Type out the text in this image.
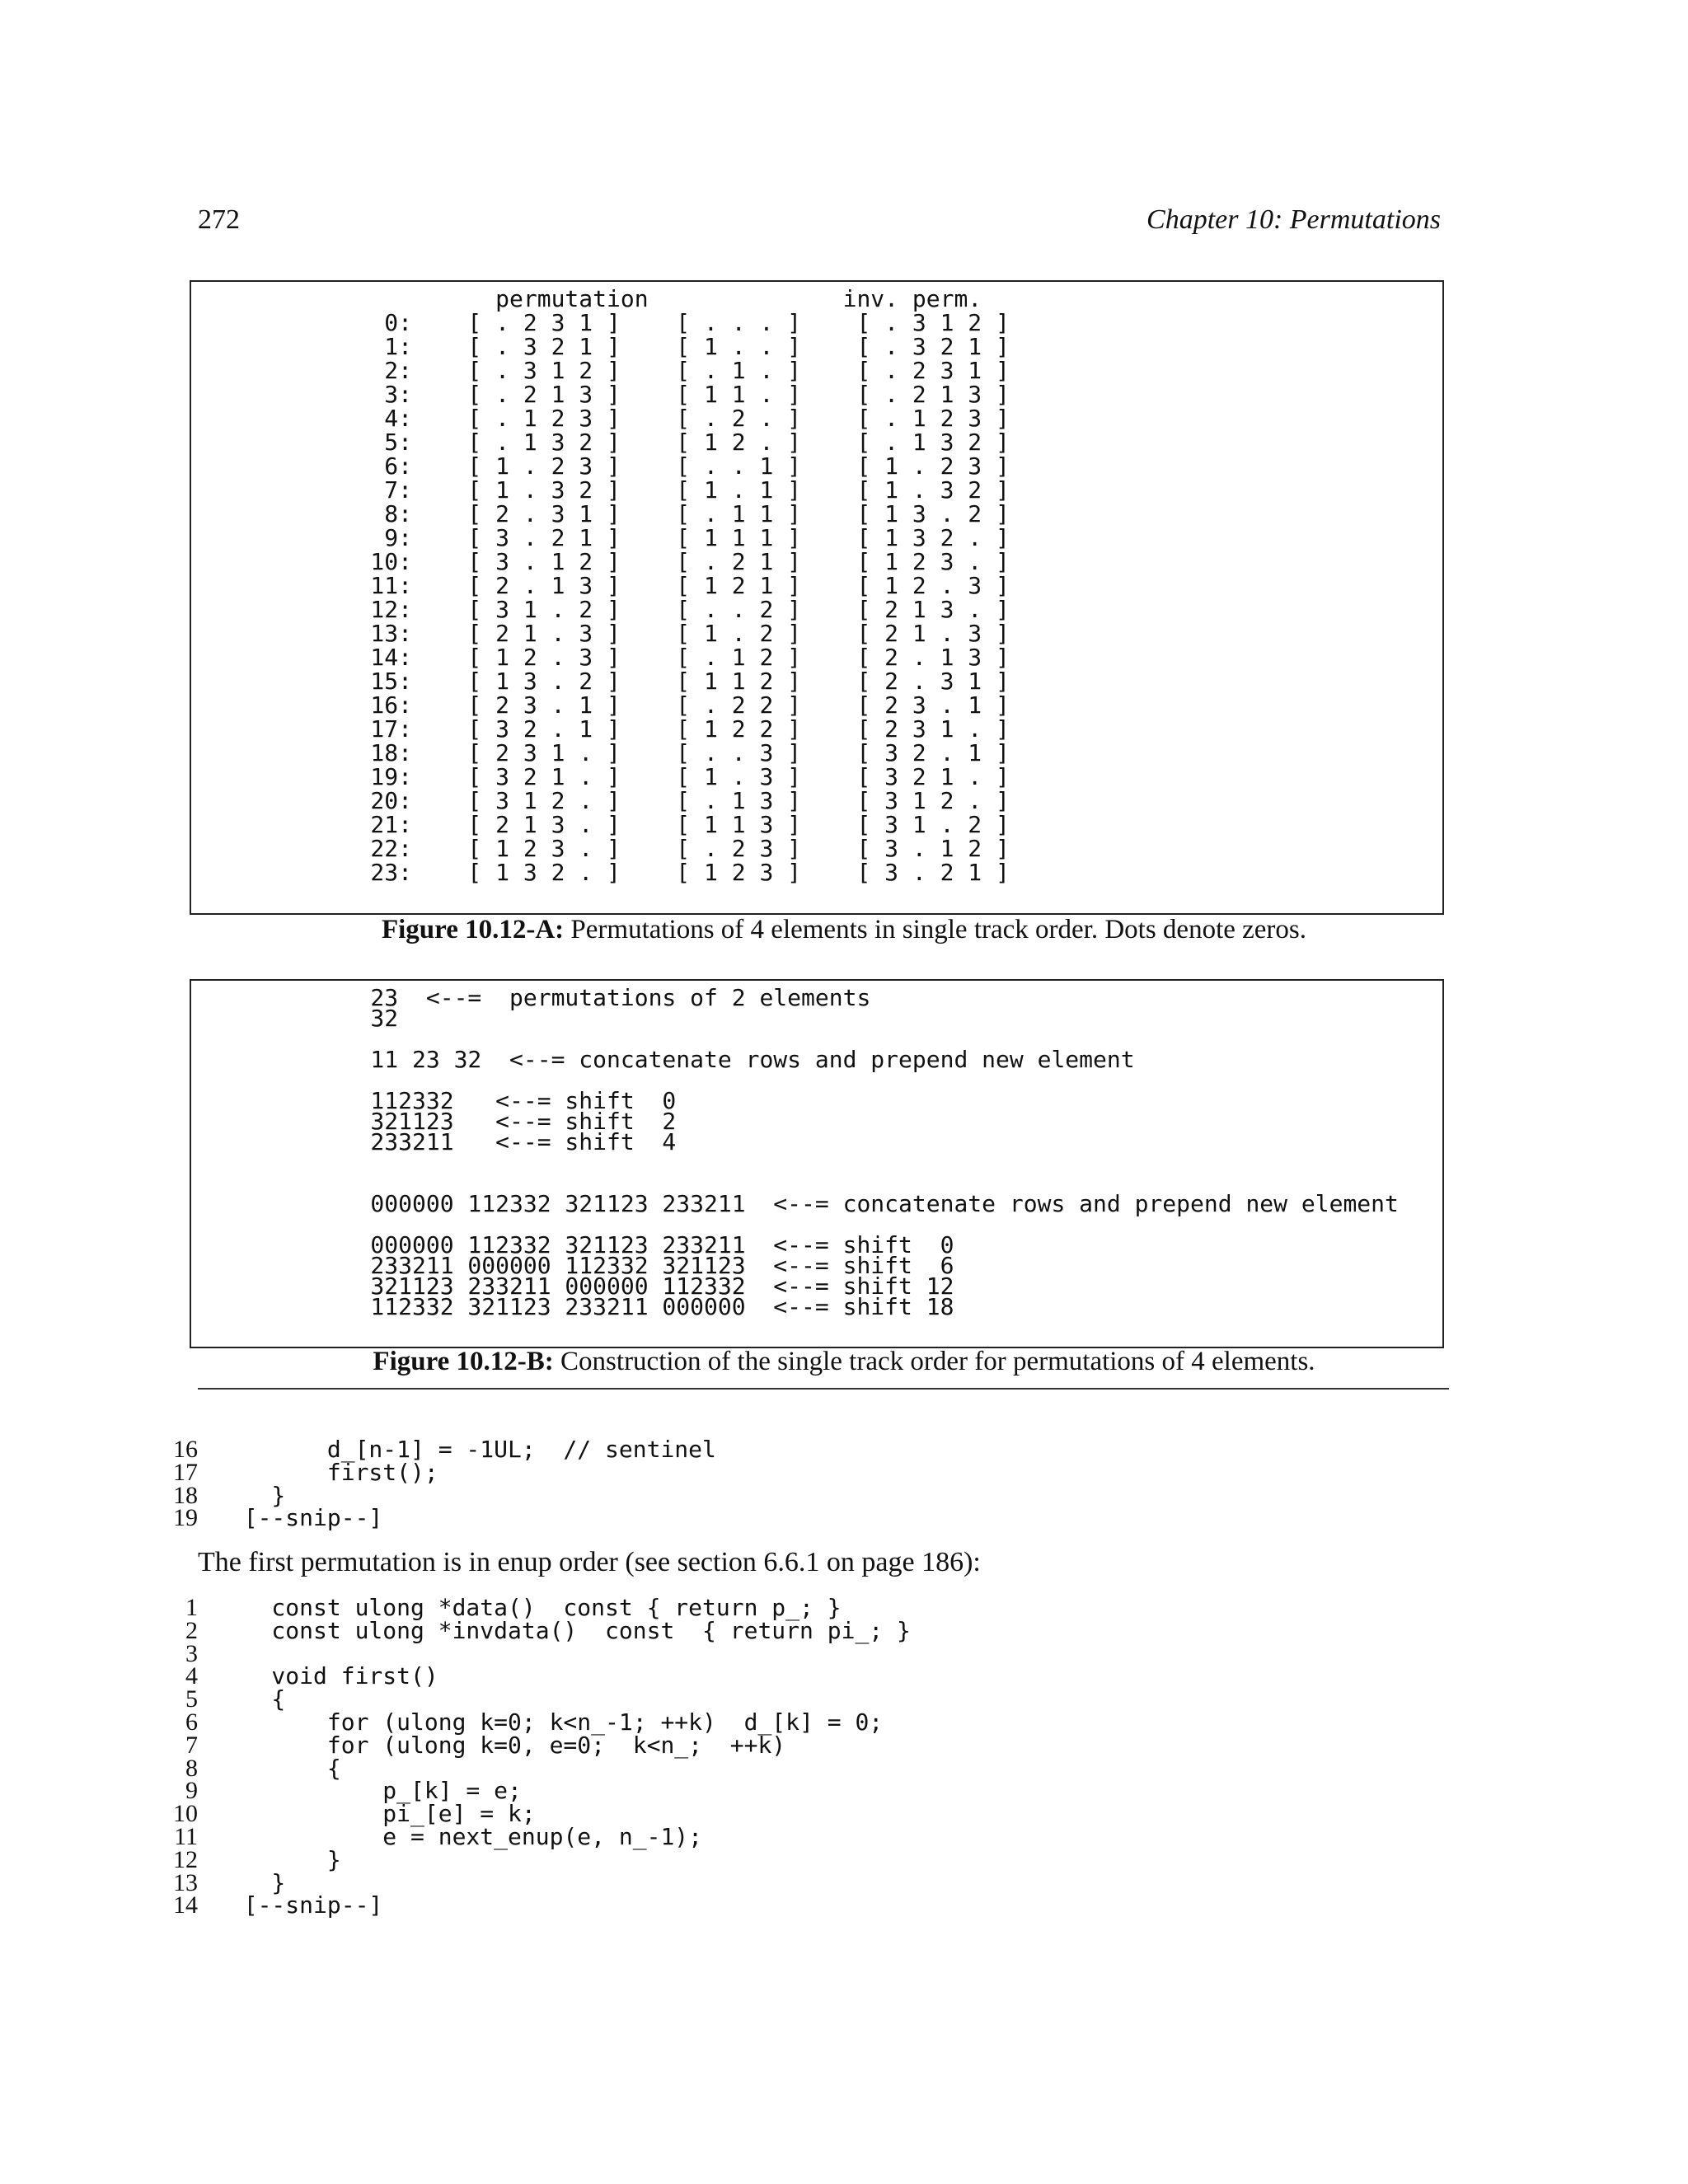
272	Chapter 10: Permutations
permutation              inv. perm.
0:    [ . 2 3 1 ]    [ . . . ]    [ . 3 1 2 ]
1:    [ . 3 2 1 ]    [ 1 . . ]    [ . 3 2 1 ]
2:    [ . 3 1 2 ]    [ . 1 . ]    [ . 2 3 1 ]
3:    [ . 2 1 3 ]    [ 1 1 . ]    [ . 2 1 3 ]
4:    [ . 1 2 3 ]    [ . 2 . ]    [ . 1 2 3 ]
5:    [ . 1 3 2 ]    [ 1 2 . ]    [ . 1 3 2 ]
6:    [ 1 . 2 3 ]    [ . . 1 ]    [ 1 . 2 3 ]
7:    [ 1 . 3 2 ]    [ 1 . 1 ]    [ 1 . 3 2 ]
8:    [ 2 . 3 1 ]    [ . 1 1 ]    [ 1 3 . 2 ]
9:    [ 3 . 2 1 ]    [ 1 1 1 ]    [ 1 3 2 . ]
10:    [ 3 . 1 2 ]    [ . 2 1 ]    [ 1 2 3 . ]
11:    [ 2 . 1 3 ]    [ 1 2 1 ]    [ 1 2 . 3 ]
12:    [ 3 1 . 2 ]    [ . . 2 ]    [ 2 1 3 . ]
13:    [ 2 1 . 3 ]    [ 1 . 2 ]    [ 2 1 . 3 ]
14:    [ 1 2 . 3 ]    [ . 1 2 ]    [ 2 . 1 3 ]
15:    [ 1 3 . 2 ]    [ 1 1 2 ]    [ 2 . 3 1 ]
16:    [ 2 3 . 1 ]    [ . 2 2 ]    [ 2 3 . 1 ]
17:    [ 3 2 . 1 ]    [ 1 2 2 ]    [ 2 3 1 . ]
18:    [ 2 3 1 . ]    [ . . 3 ]    [ 3 2 . 1 ]
19:    [ 3 2 1 . ]    [ 1 . 3 ]    [ 3 2 1 . ]
20:    [ 3 1 2 . ]    [ . 1 3 ]    [ 3 1 2 . ]
21:    [ 2 1 3 . ]    [ 1 1 3 ]    [ 3 1 . 2 ]
22:    [ 1 2 3 . ]    [ . 2 3 ]    [ 3 . 1 2 ]
23:    [ 1 3 2 . ]    [ 1 2 3 ]    [ 3 . 2 1 ]
Figure 10.12-A: Permutations of 4 elements in single track order. Dots denote zeros.
23  <--=  permutations of 2 elements
32

11 23 32  <--= concatenate rows and prepend new element

112332   <--= shift  0
321123   <--= shift  2
233211   <--= shift  4

000000 112332 321123 233211  <--= concatenate rows and prepend new element

000000 112332 321123 233211  <--= shift  0
233211 000000 112332 321123  <--= shift  6
321123 233211 000000 112332  <--= shift 12
112332 321123 233211 000000  <--= shift 18
Figure 10.12-B: Construction of the single track order for permutations of 4 elements.
16
17
18
19
d_[n-1] = -1UL;  // sentinel
first();
}
[--snip--]
The first permutation is in enup order (see section 6.6.1 on page 186):
1
2
3
4
5
6
7
8
9
10
11
12
13
14
const ulong *data()  const { return p_; }
const ulong *invdata()  const  { return pi_; }

void first()
{
for (ulong k=0; k<n_-1; ++k)  d_[k] = 0;
for (ulong k=0, e=0;  k<n_;  ++k)
{
p_[k] = e;
pi_[e] = k;
e = next_enup(e, n_-1);
}
}
[--snip--]
